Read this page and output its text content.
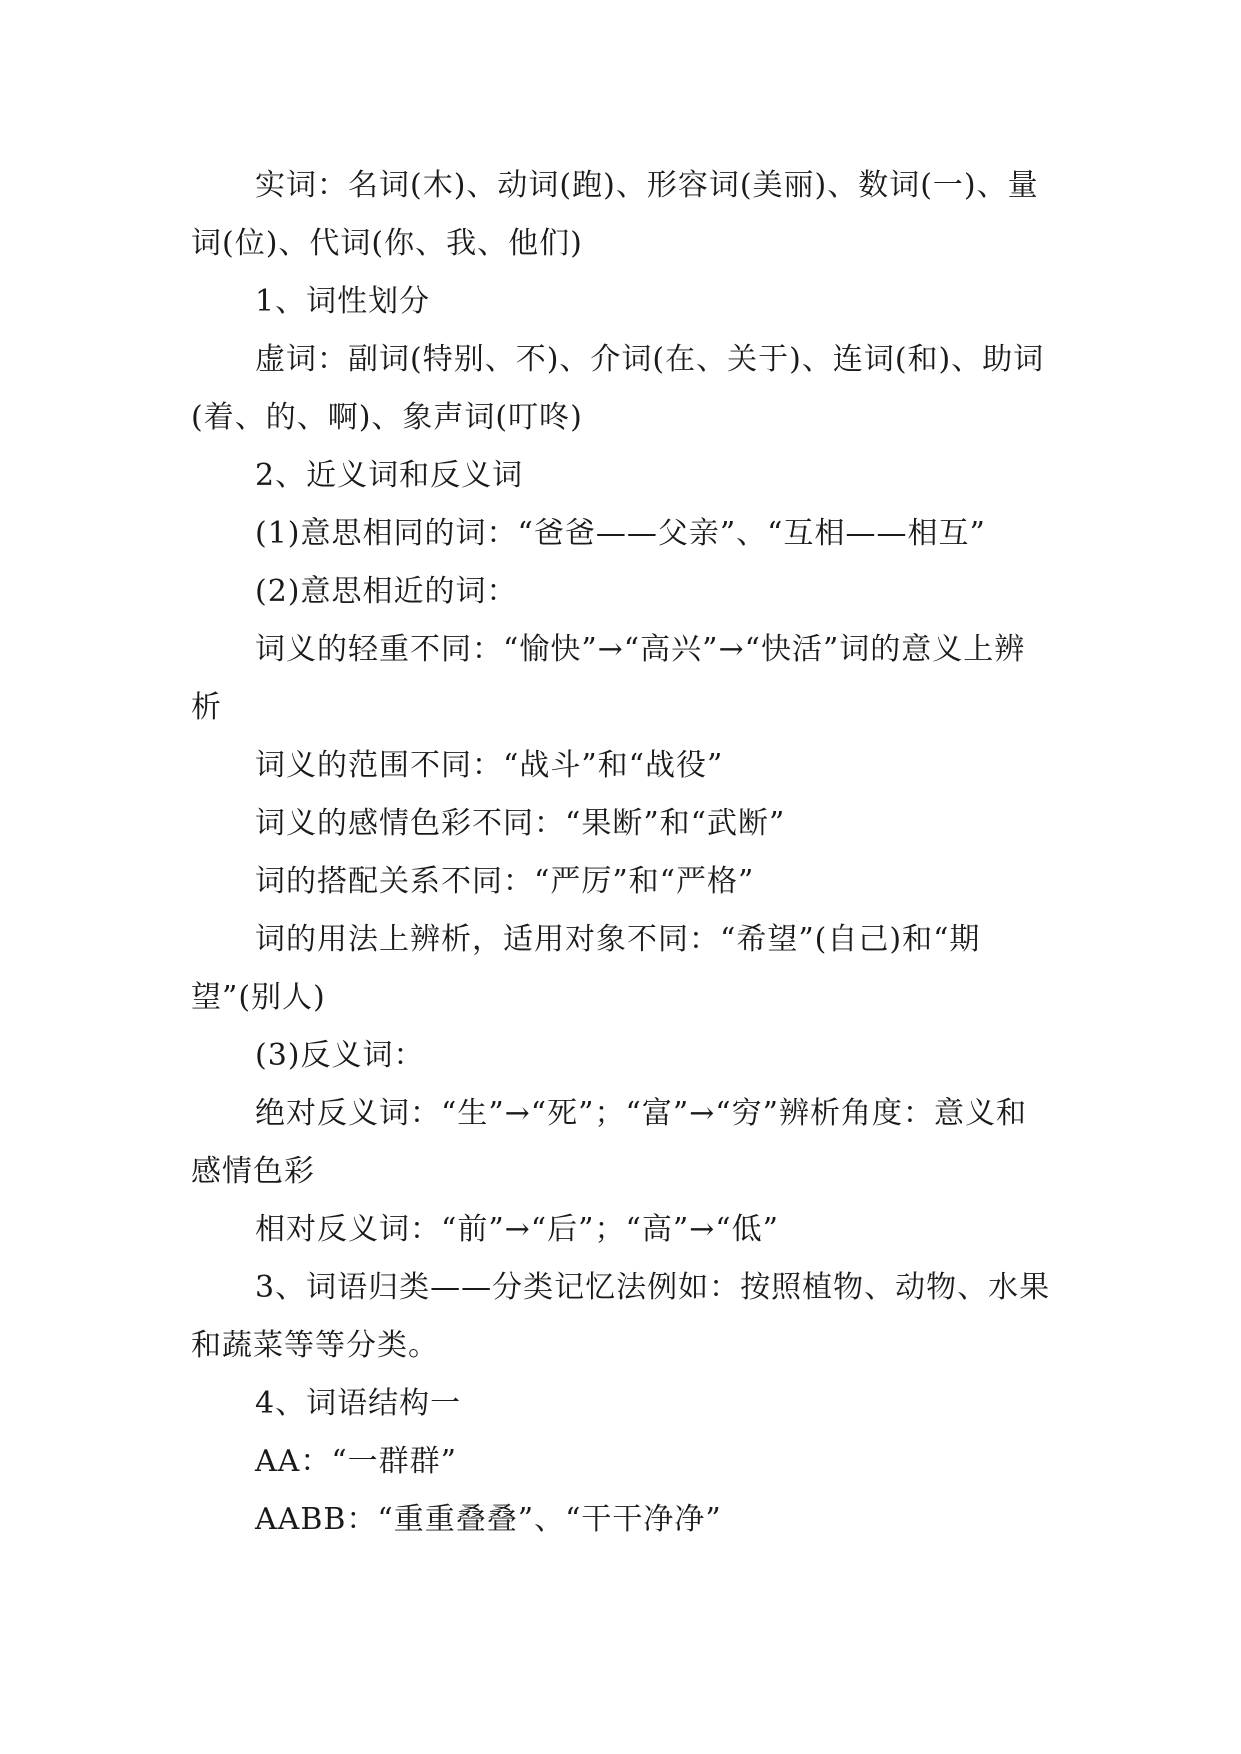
实词：名词(木)、动词(跑)、形容词(美丽)、数词(一)、量词(位)、代词(你、我、他们)

1、词性划分

虚词：副词(特别、不)、介词(在、关于)、连词(和)、助词(着、的、啊)、象声词(叮咚)

2、近义词和反义词

(1)意思相同的词：“爸爸——父亲”、“互相——相互”

(2)意思相近的词：

词义的轻重不同：“愉快”→“高兴”→“快活”词的意义上辨析

词义的范围不同：“战斗”和“战役”

词义的感情色彩不同：“果断”和“武断”

词的搭配关系不同：“严厉”和“严格”

词的用法上辨析，适用对象不同：“希望”(自己)和“期望”(别人)

(3)反义词：

绝对反义词：“生”→“死”；“富”→“穷”辨析角度：意义和感情色彩

相对反义词：“前”→“后”；“高”→“低”

3、词语归类——分类记忆法例如：按照植物、动物、水果和蔬菜等等分类。

4、词语结构一

AA：“一群群”

AABB：“重重叠叠”、“干干净净”
